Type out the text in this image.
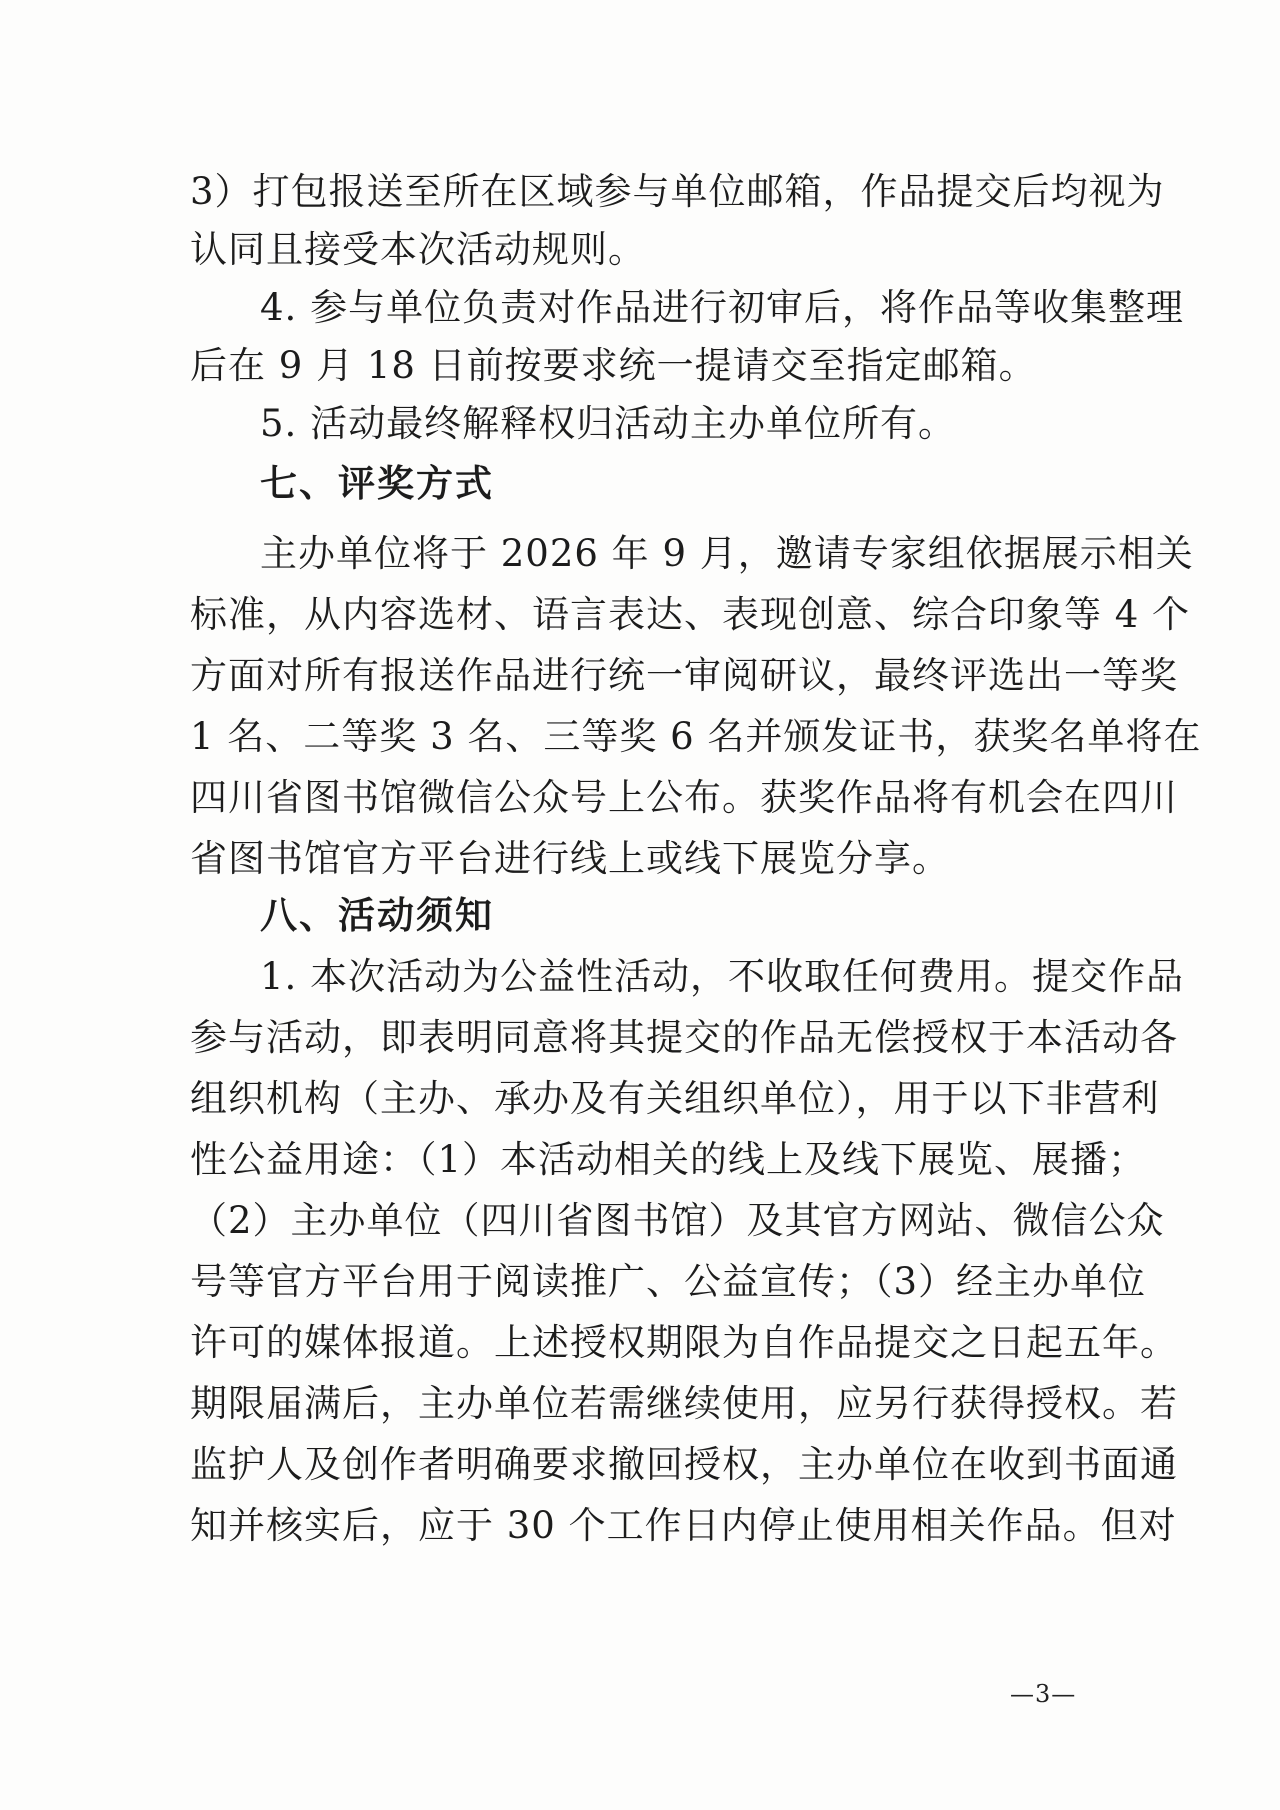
3）打包报送至所在区域参与单位邮箱，作品提交后均视为
认同且接受本次活动规则。
4. 参与单位负责对作品进行初审后，将作品等收集整理
后在 9 月 18 日前按要求统一提请交至指定邮箱。
5. 活动最终解释权归活动主办单位所有。
七、评奖方式
主办单位将于 2026 年 9 月，邀请专家组依据展示相关
标准，从内容选材、语言表达、表现创意、综合印象等 4 个
方面对所有报送作品进行统一审阅研议，最终评选出一等奖
1 名、二等奖 3 名、三等奖 6 名并颁发证书，获奖名单将在
四川省图书馆微信公众号上公布。获奖作品将有机会在四川
省图书馆官方平台进行线上或线下展览分享。
八、活动须知
1. 本次活动为公益性活动，不收取任何费用。提交作品
参与活动，即表明同意将其提交的作品无偿授权于本活动各
组织机构（主办、承办及有关组织单位），用于以下非营利
性公益用途：（1）本活动相关的线上及线下展览、展播；
（2）主办单位（四川省图书馆）及其官方网站、微信公众
号等官方平台用于阅读推广、公益宣传；（3）经主办单位
许可的媒体报道。上述授权期限为自作品提交之日起五年。
期限届满后，主办单位若需继续使用，应另行获得授权。若
监护人及创作者明确要求撤回授权，主办单位在收到书面通
知并核实后，应于 30 个工作日内停止使用相关作品。但对
—3—
